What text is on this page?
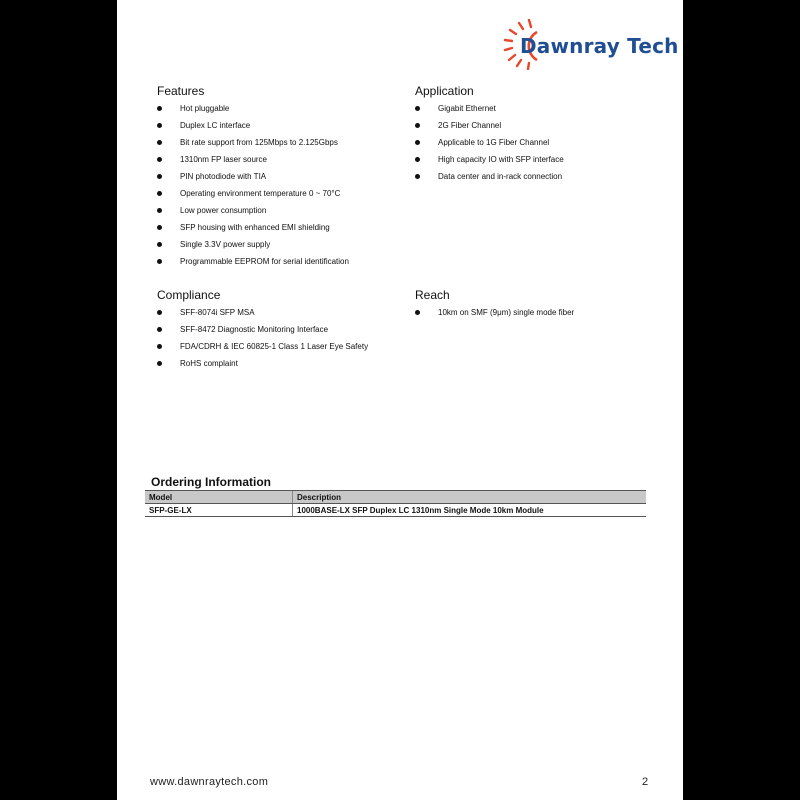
Dawnray Tech
Features
Hot pluggable
Duplex LC interface
Bit rate support from 125Mbps to 2.125Gbps
1310nm FP laser source
PIN photodiode with TIA
Operating environment temperature 0 ~ 70°C
Low power consumption
SFP housing with enhanced EMI shielding
Single 3.3V power supply
Programmable EEPROM for serial identification
Application
Gigabit Ethernet
2G Fiber Channel
Applicable to 1G Fiber Channel
High capacity IO with SFP interface
Data center and in-rack connection
Compliance
SFF-8074i SFP MSA
SFF-8472 Diagnostic Monitoring Interface
FDA/CDRH & IEC 60825-1 Class 1 Laser Eye Safety
RoHS complaint
Reach
10km on SMF (9μm) single mode fiber
Ordering Information
Model	Description
SFP-GE-LX	1000BASE-LX SFP Duplex LC 1310nm Single Mode 10km Module
www.dawnraytech.com	2
